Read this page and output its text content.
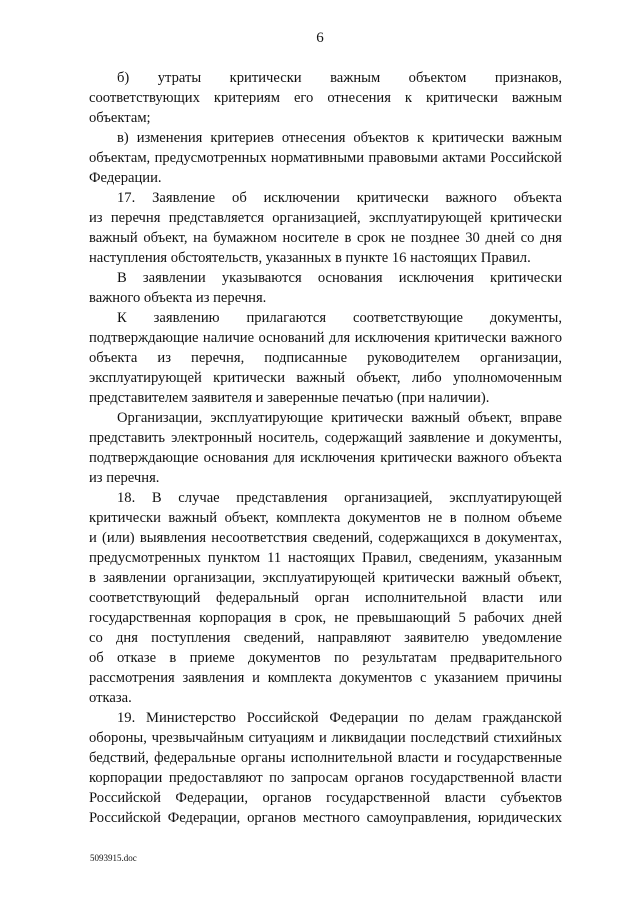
6
б) утраты критически важным объектом признаков,
соответствующих критериям его отнесения к критически важным
объектам;
в) изменения критериев отнесения объектов к критически важным
объектам, предусмотренных нормативными правовыми актами Российской
Федерации.
17. Заявление об исключении критически важного объекта
из перечня представляется организацией, эксплуатирующей критически
важный объект, на бумажном носителе в срок не позднее 30 дней со дня
наступления обстоятельств, указанных в пункте 16 настоящих Правил.
В заявлении указываются основания исключения критически
важного объекта из перечня.
К заявлению прилагаются соответствующие документы,
подтверждающие наличие оснований для исключения критически важного
объекта из перечня, подписанные руководителем организации,
эксплуатирующей критически важный объект, либо уполномоченным
представителем заявителя и заверенные печатью (при наличии).
Организации, эксплуатирующие критически важный объект, вправе
представить электронный носитель, содержащий заявление и документы,
подтверждающие основания для исключения критически важного объекта
из перечня.
18. В случае представления организацией, эксплуатирующей
критически важный объект, комплекта документов не в полном объеме
и (или) выявления несоответствия сведений, содержащихся в документах,
предусмотренных пунктом 11 настоящих Правил, сведениям, указанным
в заявлении организации, эксплуатирующей критически важный объект,
соответствующий федеральный орган исполнительной власти или
государственная корпорация в срок, не превышающий 5 рабочих дней
со дня поступления сведений, направляют заявителю уведомление
об отказе в приеме документов по результатам предварительного
рассмотрения заявления и комплекта документов с указанием причины
отказа.
19. Министерство Российской Федерации по делам гражданской
обороны, чрезвычайным ситуациям и ликвидации последствий стихийных
бедствий, федеральные органы исполнительной власти и государственные
корпорации предоставляют по запросам органов государственной власти
Российской Федерации, органов государственной власти субъектов
Российской Федерации, органов местного самоуправления, юридических
5093915.doc
